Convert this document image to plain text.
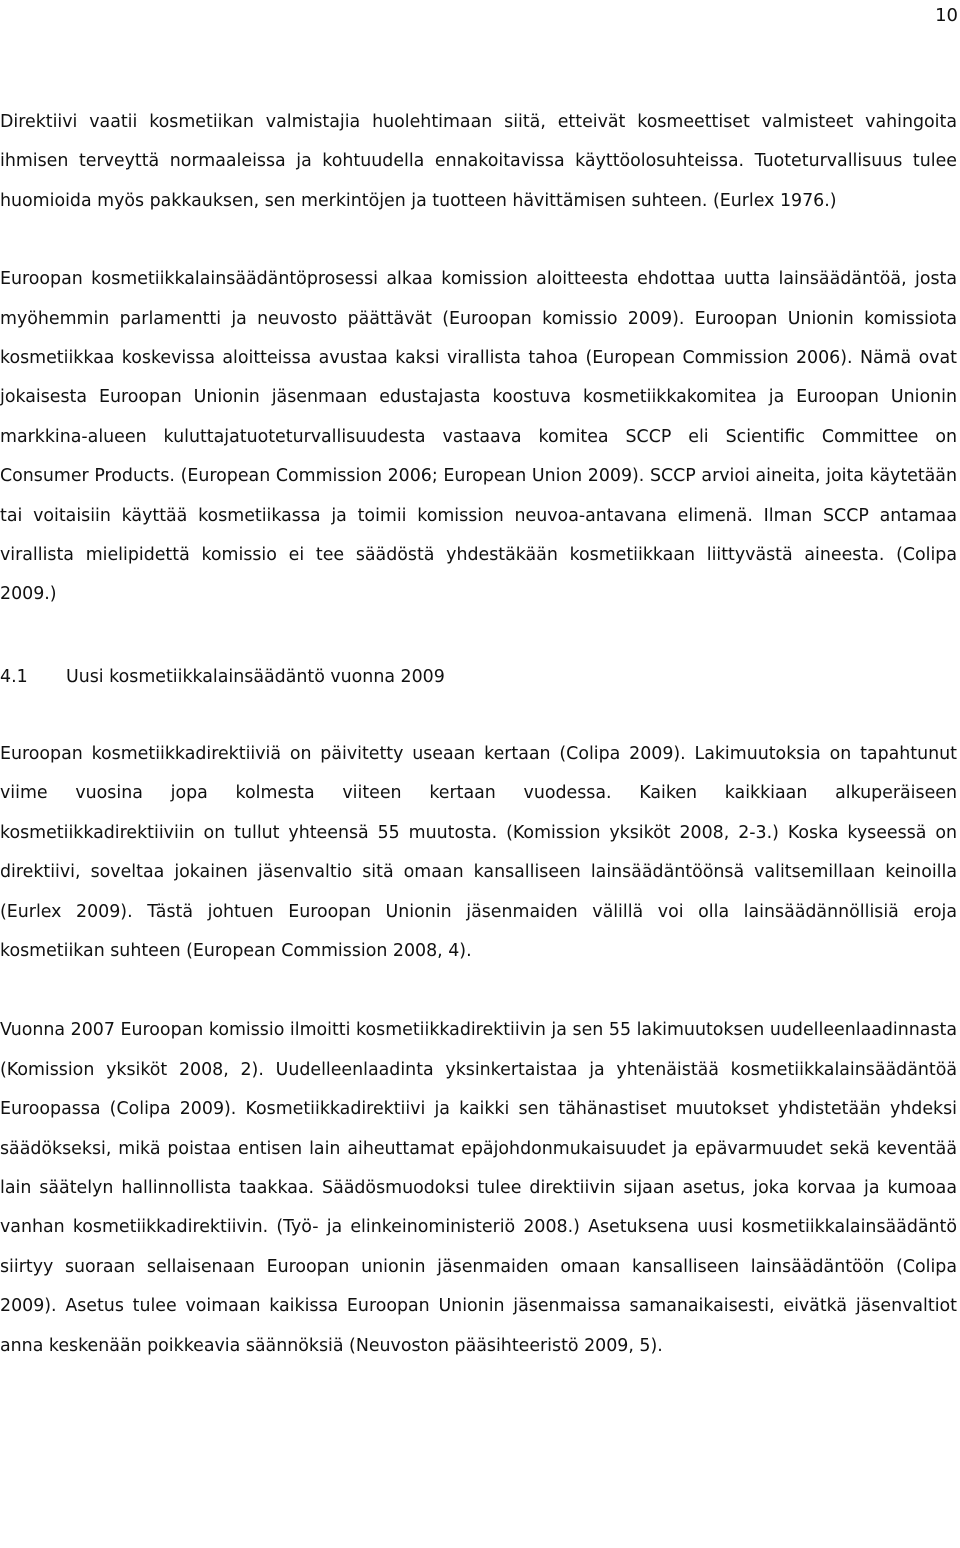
10

Direktiivi vaatii kosmetiikan valmistajia huolehtimaan siitä, etteivät kosmeettiset valmisteet vahingoita ihmisen terveyttä normaaleissa ja kohtuudella ennakoitavissa käyttöolosuhteissa. Tuoteturvallisuus tulee huomioida myös pakkauksen, sen merkintöjen ja tuotteen hävittämisen suhteen. (Eurlex 1976.)

Euroopan kosmetiikkalainsäädäntöprosessi alkaa komission aloitteesta ehdottaa uutta lainsäädäntöä, josta myöhemmin parlamentti ja neuvosto päättävät (Euroopan komissio 2009). Euroopan Unionin komissiota kosmetiikkaa koskevissa aloitteissa avustaa kaksi virallista tahoa (European Commission 2006). Nämä ovat jokaisesta Euroopan Unionin jäsenmaan edustajasta koostuva kosmetiikkakomitea ja Euroopan Unionin markkina-alueen kuluttajatuoteturvallisuudesta vastaava komitea SCCP eli Scientific Committee on Consumer Products. (European Commission 2006; European Union 2009). SCCP arvioi aineita, joita käytetään tai voitaisiin käyttää kosmetiikassa ja toimii komission neuvoa-antavana elimenä. Ilman SCCP antamaa virallista mielipidettä komissio ei tee säädöstä yhdestäkään kosmetiikkaan liittyvästä aineesta. (Colipa 2009.)

4.1	Uusi kosmetiikkalainsäädäntö vuonna 2009

Euroopan kosmetiikkadirektiiviä on päivitetty useaan kertaan (Colipa 2009). Lakimuutoksia on tapahtunut viime vuosina jopa kolmesta viiteen kertaan vuodessa. Kaiken kaikkiaan alkuperäiseen kosmetiikkadirektiiviin on tullut yhteensä 55 muutosta. (Komission yksiköt 2008, 2-3.) Koska kyseessä on direktiivi, soveltaa jokainen jäsenvaltio sitä omaan kansalliseen lainsäädäntöönsä valitsemillaan keinoilla (Eurlex 2009). Tästä johtuen Euroopan Unionin jäsenmaiden välillä voi olla lainsäädännöllisiä eroja kosmetiikan suhteen (European Commission 2008, 4).

Vuonna 2007 Euroopan komissio ilmoitti kosmetiikkadirektiivin ja sen 55 lakimuutoksen uudelleenlaadinnasta (Komission yksiköt 2008, 2). Uudelleenlaadinta yksinkertaistaa ja yhtenäistää kosmetiikkalainsäädäntöä Euroopassa (Colipa 2009). Kosmetiikkadirektiivi ja kaikki sen tähänastiset muutokset yhdistetään yhdeksi säädökseksi, mikä poistaa entisen lain aiheuttamat epäjohdonmukaisuudet ja epävarmuudet sekä keventää lain säätelyn hallinnollista taakkaa. Säädösmuodoksi tulee direktiivin sijaan asetus, joka korvaa ja kumoaa vanhan kosmetiikkadirektiivin. (Työ- ja elinkeinoministeriö 2008.) Asetuksena uusi kosmetiikkalainsäädäntö siirtyy suoraan sellaisenaan Euroopan unionin jäsenmaiden omaan kansalliseen lainsäädäntöön (Colipa 2009). Asetus tulee voimaan kaikissa Euroopan Unionin jäsenmaissa samanaikaisesti, eivätkä jäsenvaltiot anna keskenään poikkeavia säännöksiä (Neuvoston pääsihteeristö 2009, 5).
